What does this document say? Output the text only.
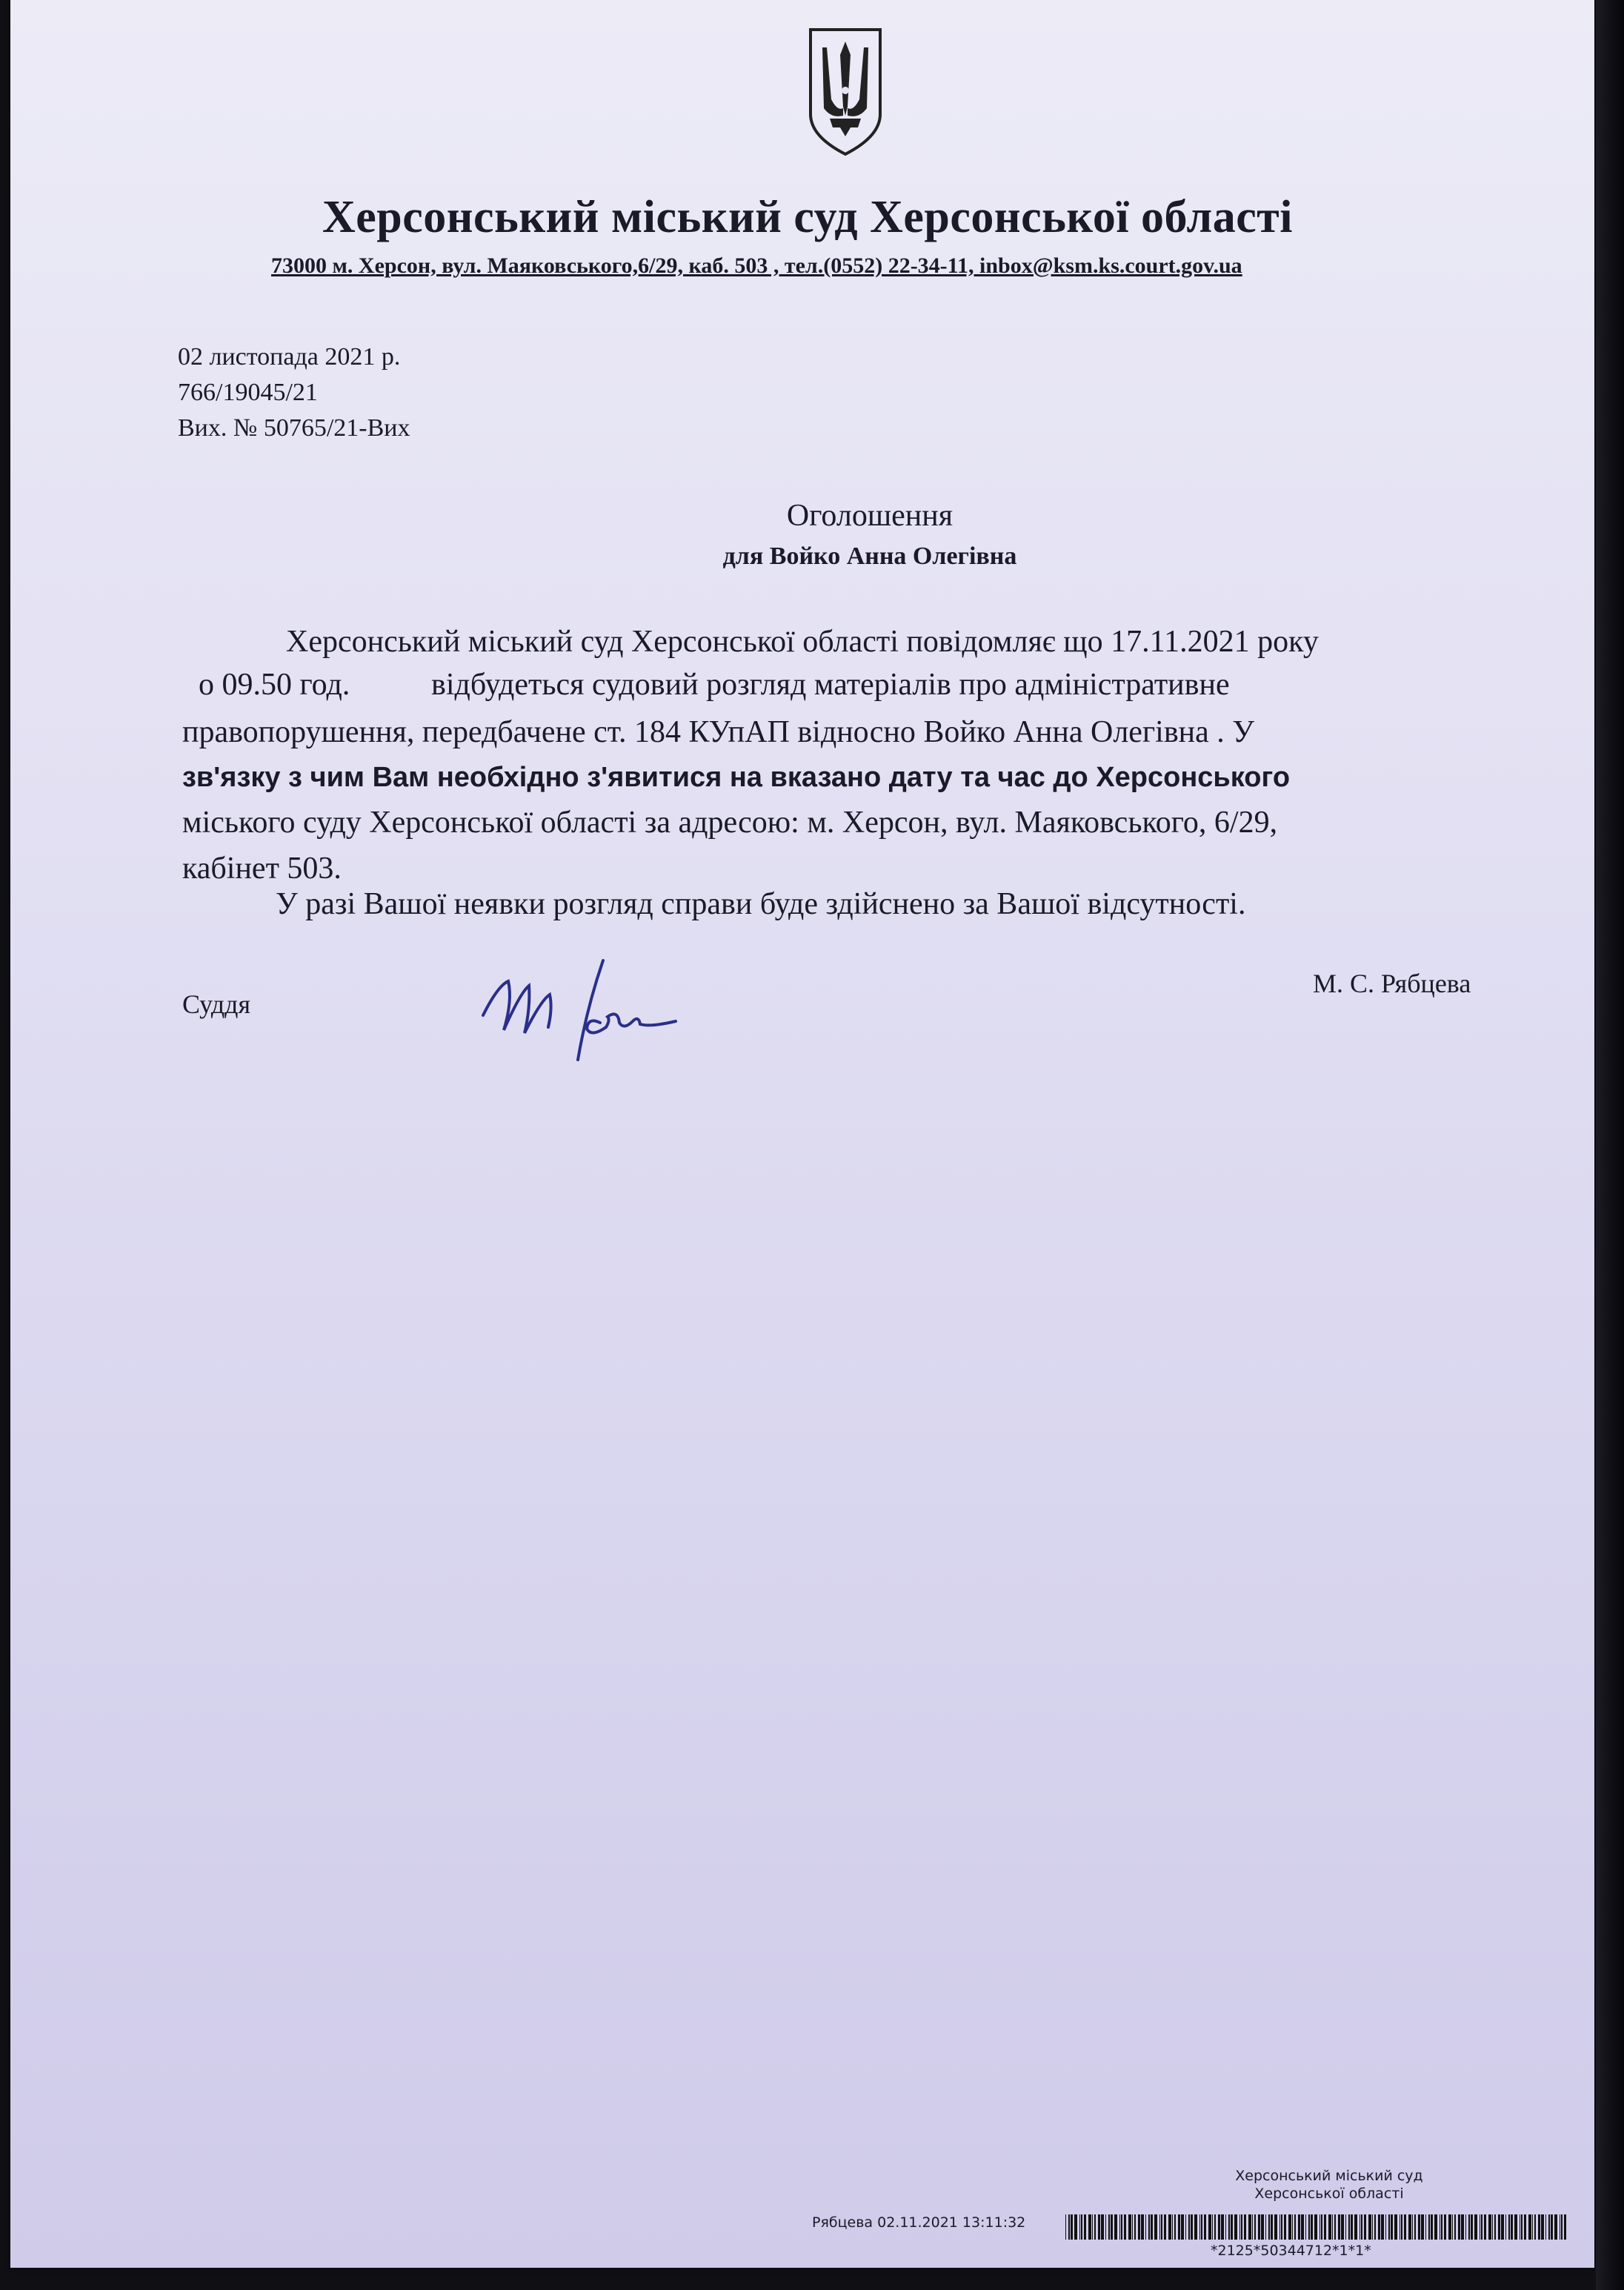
Херсонський міський суд Херсонської області
73000 м. Херсон, вул. Маяковського,6/29, каб. 503 , тел.(0552) 22-34-11, inbox@ksm.ks.court.gov.ua
02 листопада 2021 р.
766/19045/21
Вих. № 50765/21-Вих
Оголошення
для Войко Анна Олегівна
Херсонський міський суд Херсонської області повідомляє що 17.11.2021 року
о 09.50 год.	відбудеться судовий розгляд матеріалів про адміністративне
правопорушення, передбачене ст. 184 КУпАП відносно Войко Анна Олегівна . У
зв'язку з чим Вам необхідно з'явитися на вказано дату та час до Херсонського
міського суду Херсонської області за адресою: м. Херсон, вул. Маяковського, 6/29,
кабінет 503.
У разі Вашої неявки розгляд справи буде здійснено за Вашої відсутності.
Суддя
М. С. Рябцева
Херсонський міський суд
Херсонської області
Рябцева 02.11.2021 13:11:32
*2125*50344712*1*1*
